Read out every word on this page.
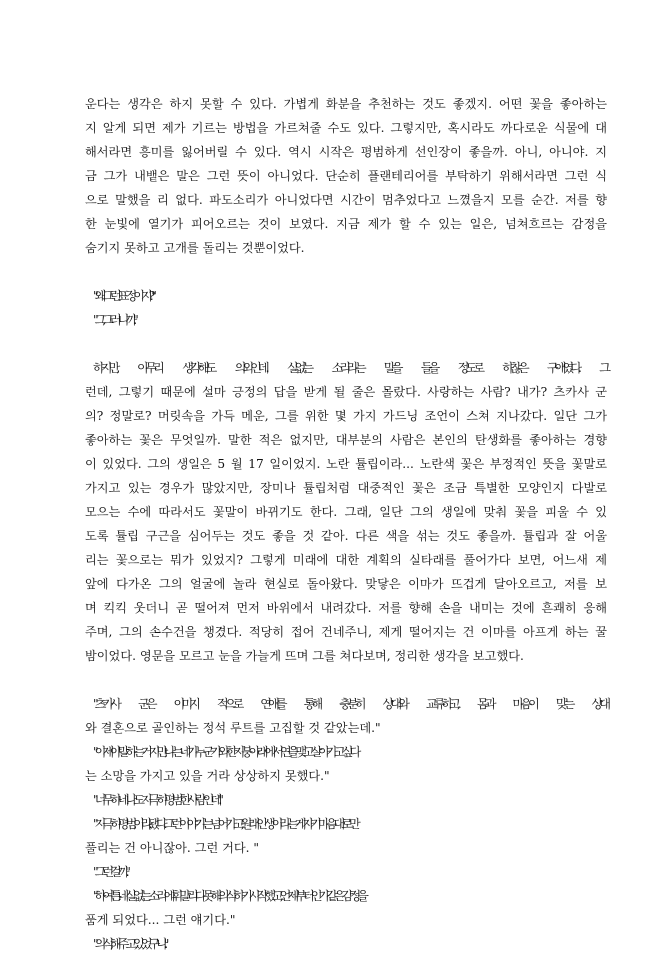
운다는 생각은 하지 못할 수 있다. 가볍게 화분을 추천하는 것도 좋겠지. 어떤 꽃을 좋아하는
지 알게 되면 제가 기르는 방법을 가르쳐줄 수도 있다. 그렇지만, 혹시라도 까다로운 식물에 대
해서라면 흥미를 잃어버릴 수 있다. 역시 시작은 평범하게 선인장이 좋을까. 아니, 아니야. 지
금 그가 내뱉은 말은 그런 뜻이 아니었다. 단순히 플랜테리어를 부탁하기 위해서라면 그런 식
으로 말했을 리 없다. 파도소리가 아니었다면 시간이 멈추었다고 느꼈을지 모를 순간. 저를 향
한 눈빛에 열기가 피어오르는 것이 보였다. 지금 제가 할 수 있는 일은, 넘쳐흐르는 감정을
숨기지 못하고 고개를 돌리는 것뿐이었다.
"왜 그런 표정이지?"
"그, 그러니까."
하지만, 아무리 생각해도 의외인데. 실없는 소리라는 말을 들을 정도로 하찮은 구애였다. 그
런데, 그렇기 때문에 설마 긍정의 답을 받게 될 줄은 몰랐다. 사랑하는 사람? 내가? 츠카사 군
의? 정말로? 머릿속을 가득 메운, 그를 위한 몇 가지 가드닝 조언이 스쳐 지나갔다. 일단 그가
좋아하는 꽃은 무엇일까. 말한 적은 없지만, 대부분의 사람은 본인의 탄생화를 좋아하는 경향
이 있었다. 그의 생일은 5 월 17 일이었지. 노란 튤립이라... 노란색 꽃은 부정적인 뜻을 꽃말로
가지고 있는 경우가 많았지만, 장미나 튤립처럼 대중적인 꽃은 조금 특별한 모양인지 다발로
모으는 수에 따라서도 꽃말이 바뀌기도 한다. 그래, 일단 그의 생일에 맞춰 꽃을 피울 수 있
도록 튤립 구근을 심어두는 것도 좋을 것 같아. 다른 색을 섞는 것도 좋을까. 튤립과 잘 어울
리는 꽃으로는 뭐가 있었지? 그렇게 미래에 대한 계획의 실타래를 풀어가다 보면, 어느새 제
앞에 다가온 그의 얼굴에 놀라 현실로 돌아왔다. 맞닿은 이마가 뜨겁게 달아오르고, 저를 보
며 킥킥 웃더니 곧 떨어져 먼저 바위에서 내려갔다. 저를 향해 손을 내미는 것에 흔쾌히 응해
주며, 그의 손수건을 챙겼다. 적당히 접어 건네주니, 제게 떨어지는 건 이마를 아프게 하는 꿀
밤이었다. 영문을 모르고 눈을 가늘게 뜨며 그를 쳐다보며, 정리한 생각을 보고했다.
"츠카사 군은 이미지 적으로 연애를 통해 충분히 상대와 교류하고, 몸과 마음이 맞는 상대
와 결혼으로 골인하는 정석 루트를 고집할 것 같았는데."
"이제야 말하는 거지만, 나는 네가 누군가와 한 지붕 아래에서 연을 맺고 살아가고 싶다
는 소망을 가지고 있을 거라 상상하지 못했다."
"너무하네. 나도 지극히 평범한 사람인데."
"지극히 평범, 이라... 됐다. 그런 이야기는 넘어가고, 원래 인생이라는 게 자기 마음대로만
풀리는 건 아니잖아. 그런 거다. "
"그런 걸까..."
"하여튼... 네 실없는 소리에 휘말리다 못해 의식하기 시작했고, 언제부터인가 같은 감정을
품게 되었다... 그런 얘기다."
"의식, 해주고 있었구나..."
